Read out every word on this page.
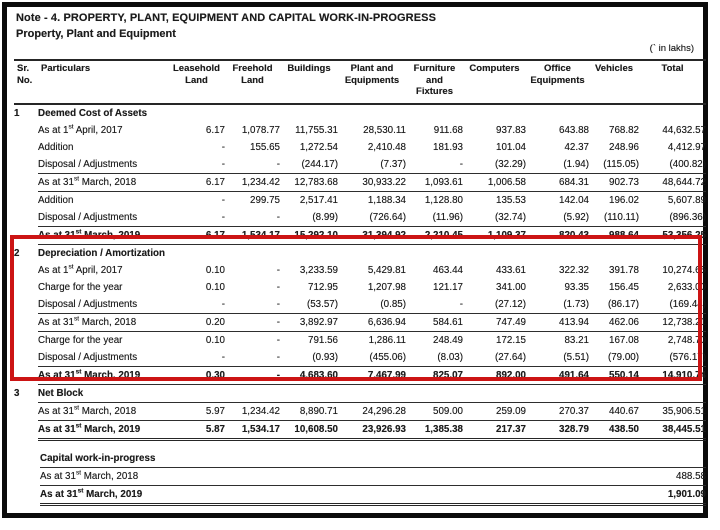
Note - 4. PROPERTY, PLANT, EQUIPMENT AND CAPITAL WORK-IN-PROGRESS
Property, Plant and Equipment
(` in lakhs)
Sr. No.	Particulars	Leasehold Land	Freehold Land	Buildings	Plant and Equipments	Furniture and Fixtures	Computers	Office Equipments	Vehicles	Total
1	Deemed Cost of Assets									
	As at 1st April, 2017	6.17	1,078.77	11,755.31	28,530.11	911.68	937.83	643.88	768.82	44,632.57
	Addition	-	155.65	1,272.54	2,410.48	181.93	101.04	42.37	248.96	4,412.97
	Disposal / Adjustments	-	-	(244.17)	(7.37)	-	(32.29)	(1.94)	(115.05)	(400.82)
	As at 31st March, 2018	6.17	1,234.42	12,783.68	30,933.22	1,093.61	1,006.58	684.31	902.73	48,644.72
	Addition	-	299.75	2,517.41	1,188.34	1,128.80	135.53	142.04	196.02	5,607.89
	Disposal / Adjustments	-	-	(8.99)	(726.64)	(11.96)	(32.74)	(5.92)	(110.11)	(896.36)
	As at 31st March, 2019	6.17	1,534.17	15,292.10	31,394.92	2,210.45	1,109.37	820.43	988.64	53,356.25
2	Depreciation / Amortization									
	As at 1st April, 2017	0.10	-	3,233.59	5,429.81	463.44	433.61	322.32	391.78	10,274.65
	Charge for the year	0.10	-	712.95	1,207.98	121.17	341.00	93.35	156.45	2,633.00
	Disposal / Adjustments	-	-	(53.57)	(0.85)	-	(27.12)	(1.73)	(86.17)	(169.44)
	As at 31st March, 2018	0.20	-	3,892.97	6,636.94	584.61	747.49	413.94	462.06	12,738.21
	Charge for the year	0.10	-	791.56	1,286.11	248.49	172.15	83.21	167.08	2,748.70
	Disposal / Adjustments	-	-	(0.93)	(455.06)	(8.03)	(27.64)	(5.51)	(79.00)	(576.17)
	As at 31st March, 2019	0.30	-	4,683.60	7,467.99	825.07	892.00	491.64	550.14	14,910.74
3	Net Block									
	As at 31st March, 2018	5.97	1,234.42	8,890.71	24,296.28	509.00	259.09	270.37	440.67	35,906.51
	As at 31st March, 2019	5.87	1,534.17	10,608.50	23,926.93	1,385.38	217.37	328.79	438.50	38,445.51
Capital work-in-progress
As at 31st March, 2018	488.58
As at 31st March, 2019	1,901.09
